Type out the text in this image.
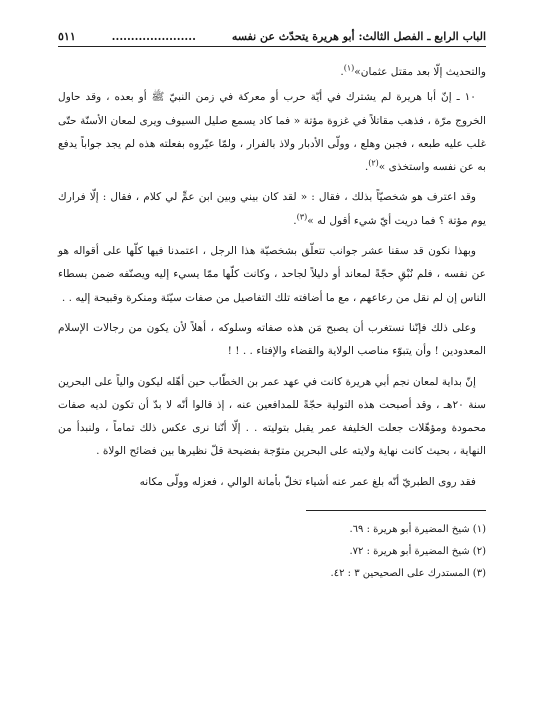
الباب الرابع ـ الفصل الثالث: أبو هريرة يتحدّث عن نفسه
......................
٥١١

والتحديث إلّا بعد مقتل عثمان»$^{(١)}$.

١٠ ـ إنّ أبا هريرة لم يشترك في أيّة حرب أو معركة في زمن النبيّ ﷺ أو بعده ، وقد حاول الخروج مرّة ، فذهب مقاتلاً في غزوة مؤتة « فما كاد يسمع صليل السيوف ويرى لمعان الأسنّة حتّى غلب عليه طبعه ، فجبن وهلع ، وولّى الأدبار ولاذ بالفرار ، ولمّا عيّروه بفعلته هذه لم يجد جواباً يدفع به عن نفسه واستخذى »$^{(٢)}$.

وقد اعترف هو شخصيّاً بذلك ، فقال : « لقد كان بيني وبين ابن عمٍّ لي كلام ، فقال : إلّا فرارك يوم مؤتة ؟ فما دريت أيّ شيء أقول له »$^{(٣)}$.

وبهذا نكون قد سقنا عشر جوانب تتعلّق بشخصيّة هذا الرجل ، اعتمدنا فيها كلّها على أقواله هو عن نفسه ، فلم نُبْقِ حجّةً لمعاند أو دليلاً لجاحد ، وكانت كلّها ممّا يسيء إليه ويصنّفه ضمن بسطاء الناس إن لم نقل من رعاعهم ، مع ما أضافته تلك التفاصيل من صفات سيّئة ومنكرة وقبيحة إليه . .

وعلى ذلك فإنّنا نستغرب أن يصبح مَن هذه صفاته وسلوكه ، أهلاً لأن يكون من رجالات الإسلام المعدودين ! وأن يتبوّء مناصب الولاية والقضاء والإفتاء . . ! !

إنّ بداية لمعان نجم أبي هريرة كانت في عهد عمر بن الخطّاب حين أهّله ليكون والياً على البحرين سنة ٢٠هـ ، وقد أصبحت هذه التولية حجّةً للمدافعين عنه ، إذ قالوا أنّه لا بدّ أن تكون لديه صفات محمودة ومؤهّلات جعلت الخليفة عمر يقبل بتوليته . . إلّا أنّنا نرى عكس ذلك تماماً ، ولنبدأ من النهاية ، بحيث كانت نهاية ولايته على البحرين متوّجة بفضيحة قلّ نظيرها بين فضائح الولاة .

فقد روى الطبريّ أنّه بلغ عمر عنه أشياء تخلّ بأمانة الوالي ، فعزله وولّى مكانه

(١) شيخ المضيرة أبو هريرة : ٦٩.
(٢) شيخ المضيرة أبو هريرة : ٧٢.
(٣) المستدرك على الصحيحين ٣ : ٤٢.
